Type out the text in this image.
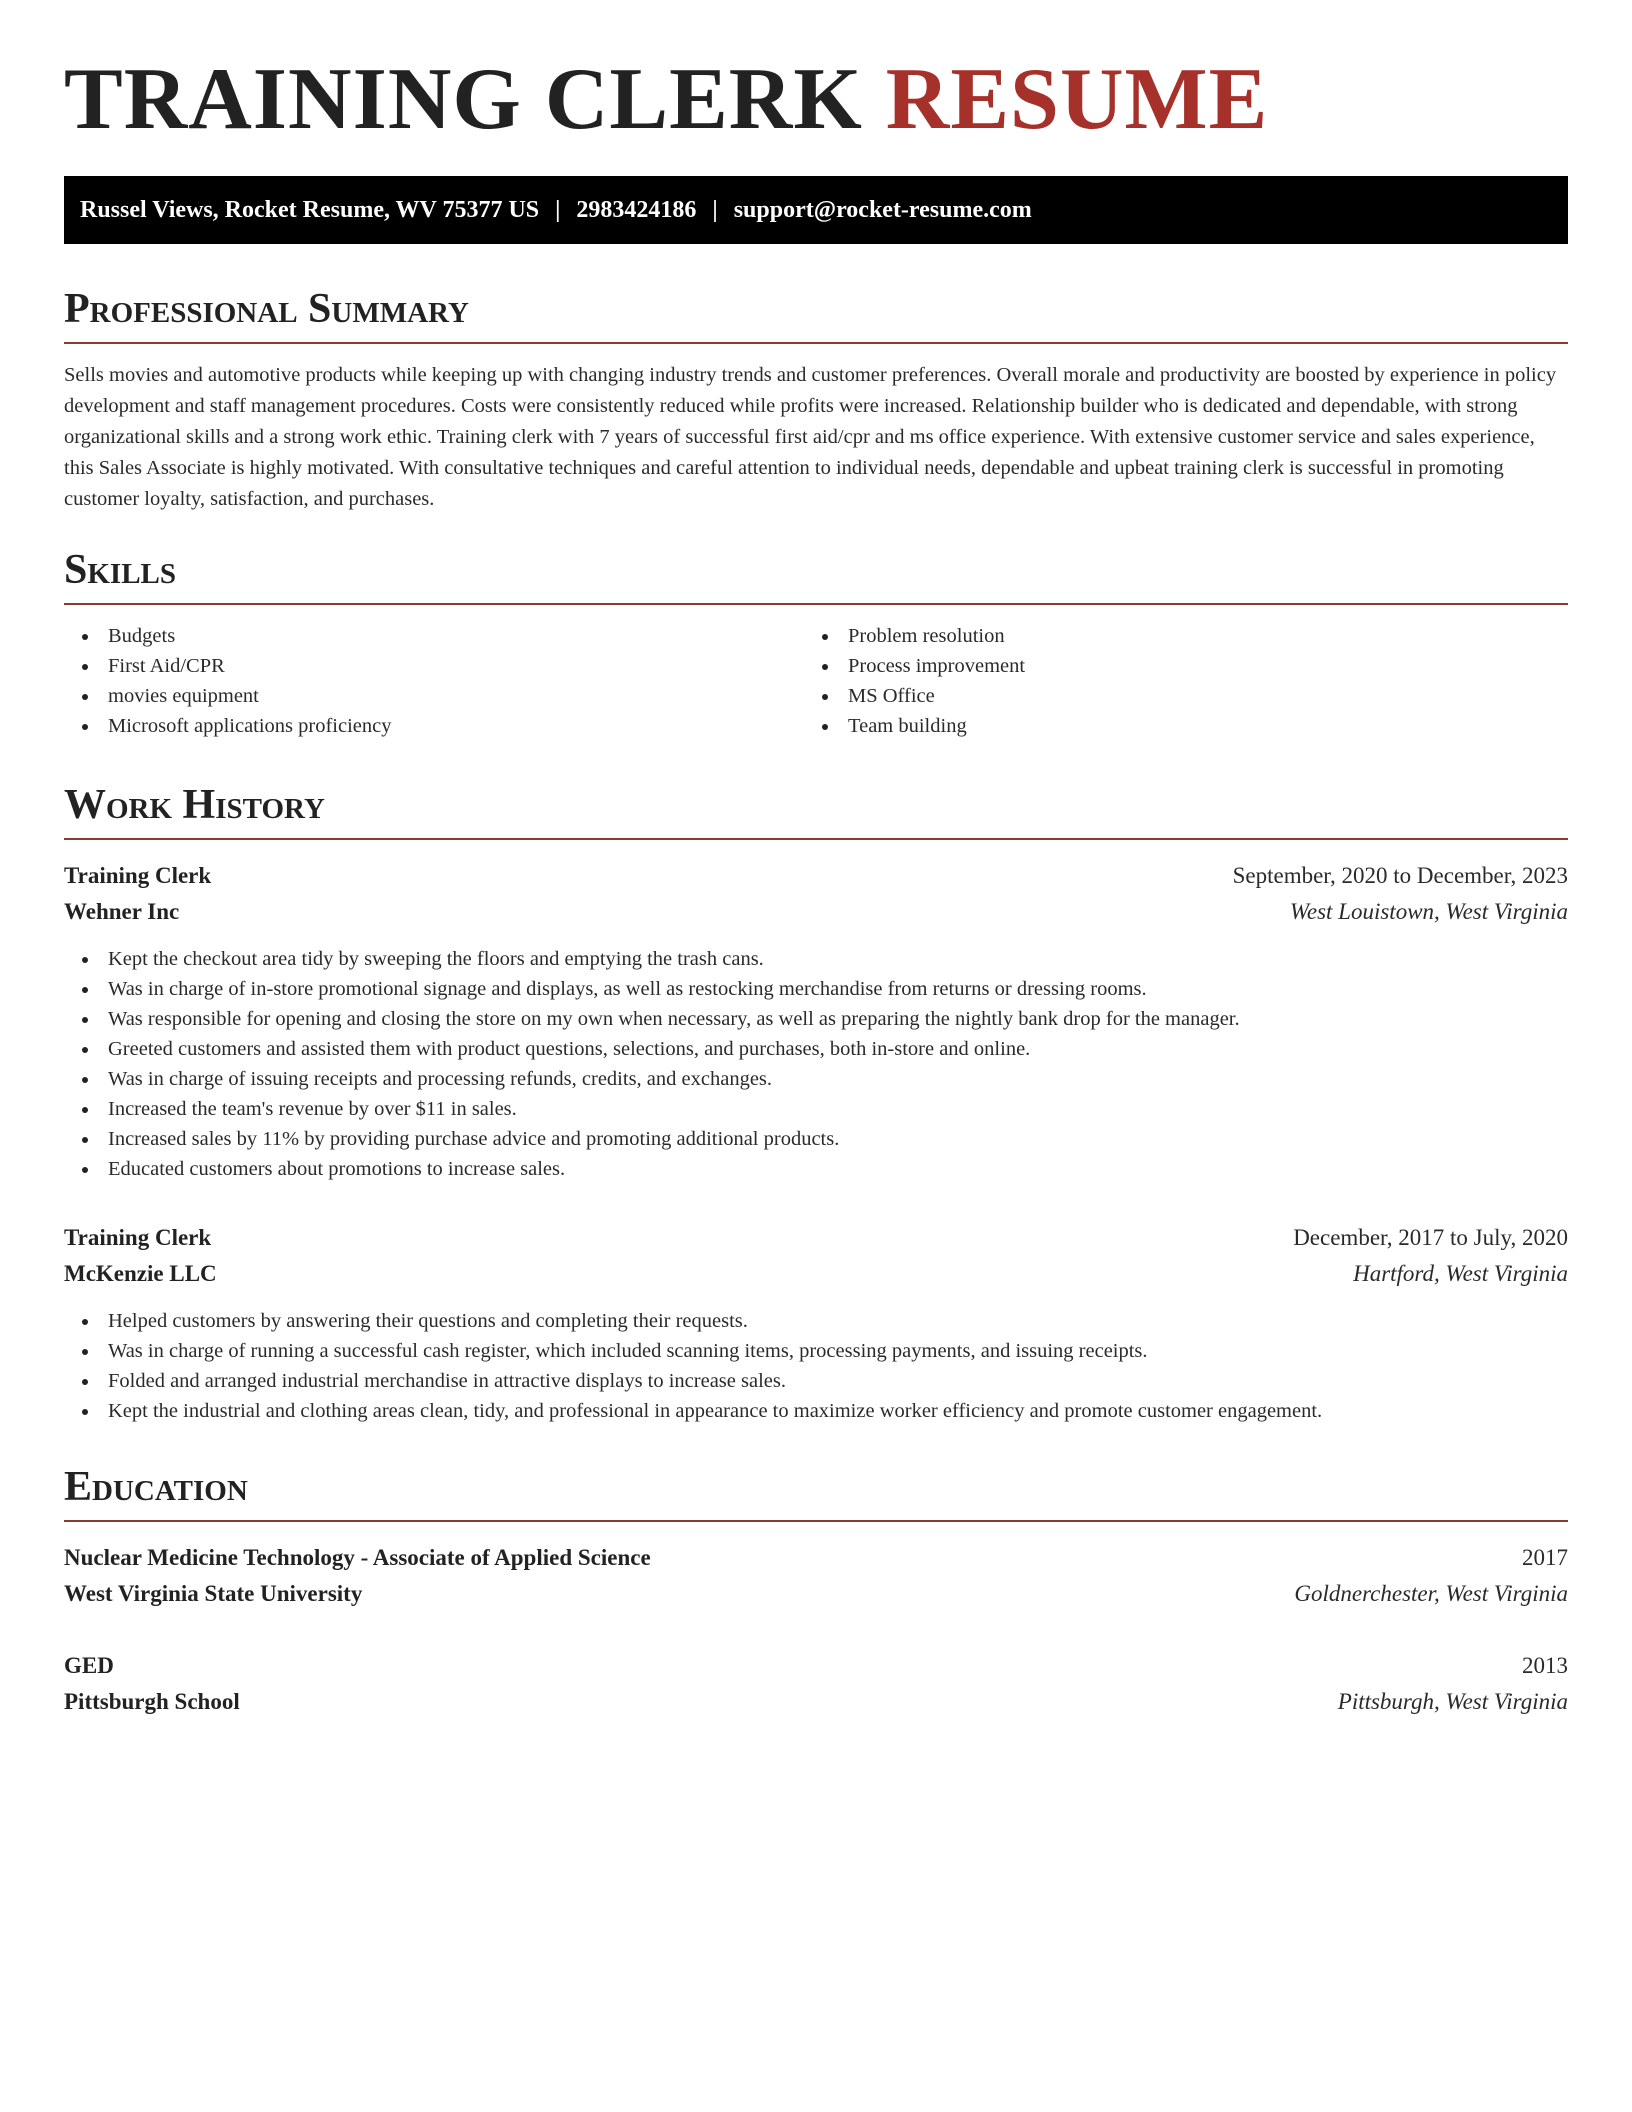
TRAINING CLERK RESUME
Russel Views, Rocket Resume, WV 75377 US | 2983424186 | support@rocket-resume.com
Professional Summary

Sells movies and automotive products while keeping up with changing industry trends and customer preferences. Overall morale and productivity are boosted by experience in policy development and staff management procedures. Costs were consistently reduced while profits were increased. Relationship builder who is dedicated and dependable, with strong organizational skills and a strong work ethic. Training clerk with 7 years of successful first aid/cpr and ms office experience. With extensive customer service and sales experience, this Sales Associate is highly motivated. With consultative techniques and careful attention to individual needs, dependable and upbeat training clerk is successful in promoting customer loyalty, satisfaction, and purchases.

Skills
Budgets
First Aid/CPR
movies equipment
Microsoft applications proficiency
Problem resolution
Process improvement
MS Office
Team building
Work History
Training Clerk	September, 2020 to December, 2023
Wehner Inc	West Louistown, West Virginia
Kept the checkout area tidy by sweeping the floors and emptying the trash cans.
Was in charge of in-store promotional signage and displays, as well as restocking merchandise from returns or dressing rooms.
Was responsible for opening and closing the store on my own when necessary, as well as preparing the nightly bank drop for the manager.
Greeted customers and assisted them with product questions, selections, and purchases, both in-store and online.
Was in charge of issuing receipts and processing refunds, credits, and exchanges.
Increased the team's revenue by over $11 in sales.
Increased sales by 11% by providing purchase advice and promoting additional products.
Educated customers about promotions to increase sales.
Training Clerk	December, 2017 to July, 2020
McKenzie LLC	Hartford, West Virginia
Helped customers by answering their questions and completing their requests.
Was in charge of running a successful cash register, which included scanning items, processing payments, and issuing receipts.
Folded and arranged industrial merchandise in attractive displays to increase sales.
Kept the industrial and clothing areas clean, tidy, and professional in appearance to maximize worker efficiency and promote customer engagement.
Education
Nuclear Medicine Technology - Associate of Applied Science	2017
West Virginia State University	Goldnerchester, West Virginia
GED	2013
Pittsburgh School	Pittsburgh, West Virginia
